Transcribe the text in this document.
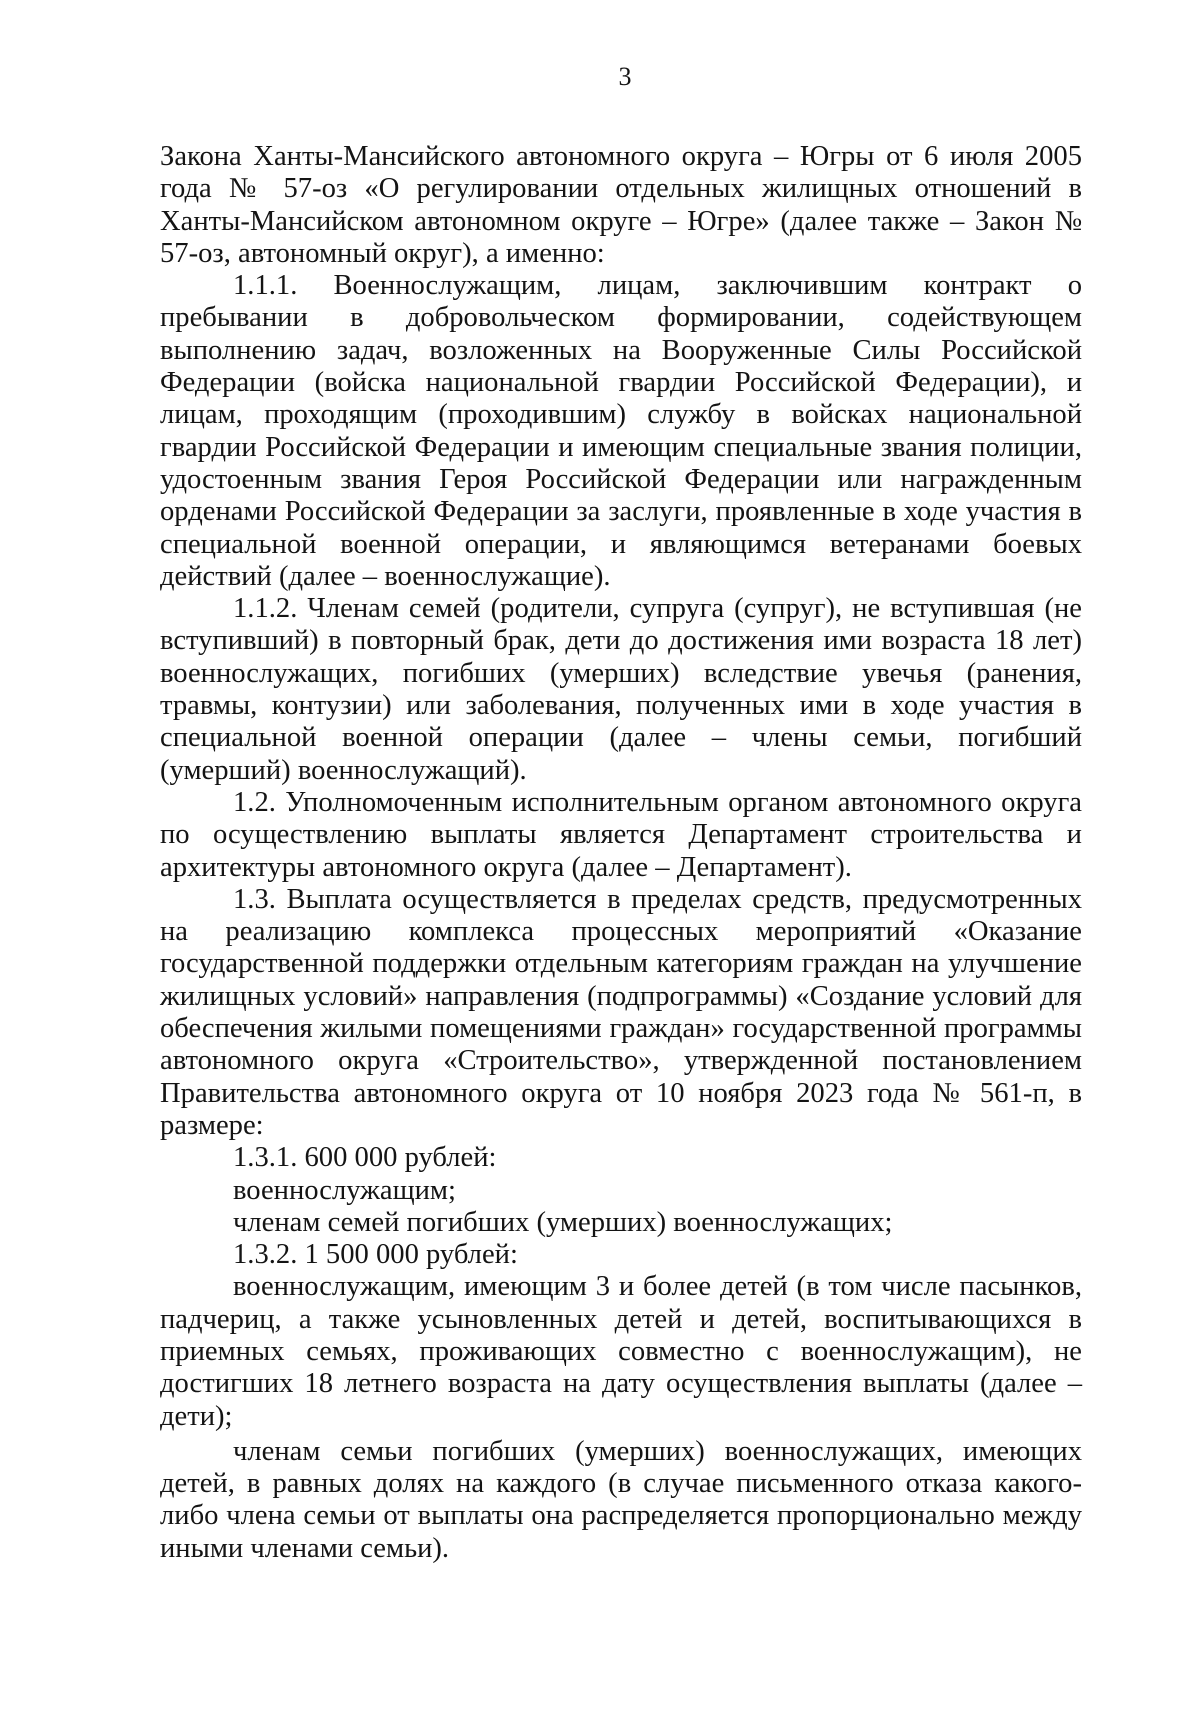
3

Закона Ханты-Мансийского автономного округа – Югры от 6 июля 2005 года № 57-оз «О регулировании отдельных жилищных отношений в Ханты-Мансийском автономном округе – Югре» (далее также – Закон № 57-оз, автономный округ), а именно:

1.1.1. Военнослужащим, лицам, заключившим контракт о пребывании в добровольческом формировании, содействующем выполнению задач, возложенных на Вооруженные Силы Российской Федерации (войска национальной гвардии Российской Федерации), и лицам, проходящим (проходившим) службу в войсках национальной гвардии Российской Федерации и имеющим специальные звания полиции, удостоенным звания Героя Российской Федерации или награжденным орденами Российской Федерации за заслуги, проявленные в ходе участия в специальной военной операции, и являющимся ветеранами боевых действий (далее – военнослужащие).

1.1.2. Членам семей (родители, супруга (супруг), не вступившая (не вступивший) в повторный брак, дети до достижения ими возраста 18 лет) военнослужащих, погибших (умерших) вследствие увечья (ранения, травмы, контузии) или заболевания, полученных ими в ходе участия в специальной военной операции (далее – члены семьи, погибший (умерший) военнослужащий).

1.2. Уполномоченным исполнительным органом автономного округа по осуществлению выплаты является Департамент строительства и архитектуры автономного округа (далее – Департамент).

1.3. Выплата осуществляется в пределах средств, предусмотренных на реализацию комплекса процессных мероприятий «Оказание государственной поддержки отдельным категориям граждан на улучшение жилищных условий» направления (подпрограммы) «Создание условий для обеспечения жилыми помещениями граждан» государственной программы автономного округа «Строительство», утвержденной постановлением Правительства автономного округа от 10 ноября 2023 года № 561-п, в размере:

1.3.1. 600 000 рублей:

военнослужащим;

членам семей погибших (умерших) военнослужащих;

1.3.2. 1 500 000 рублей:

военнослужащим, имеющим 3 и более детей (в том числе пасынков, падчериц, а также усыновленных детей и детей, воспитывающихся в приемных семьях, проживающих совместно с военнослужащим), не достигших 18 летнего возраста на дату осуществления выплаты (далее – дети);

членам семьи погибших (умерших) военнослужащих, имеющих детей, в равных долях на каждого (в случае письменного отказа какого-либо члена семьи от выплаты она распределяется пропорционально между иными членами семьи).
